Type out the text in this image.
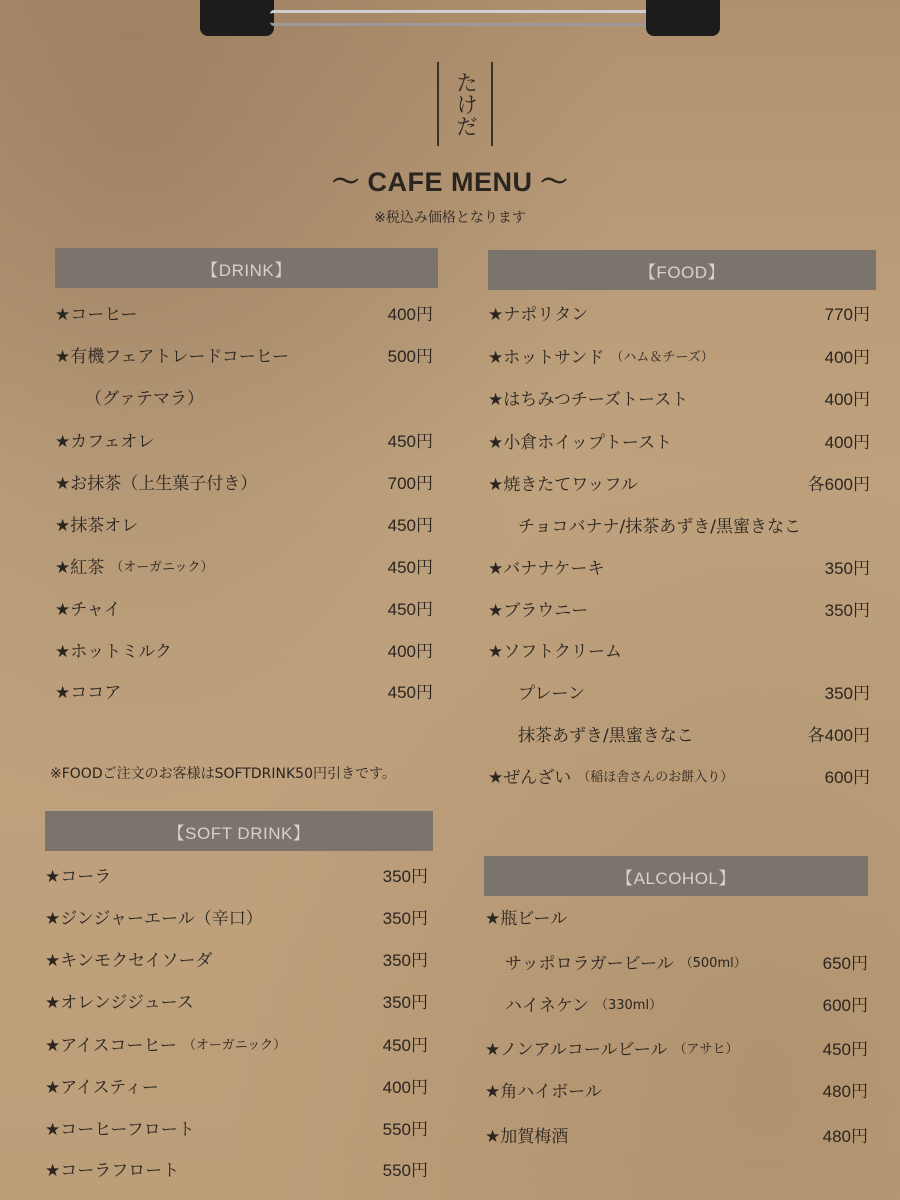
たけだ
～ CAFE MENU ～
※税込み価格となります
【DRINK】
★コーヒー	400円
★有機フェアトレードコーヒー	500円
（グァテマラ）
★カフェオレ	450円
★お抹茶（上生菓子付き）	700円
★抹茶オレ	450円
★紅茶 （オーガニック）	450円
★チャイ	450円
★ホットミルク	400円
★ココア	450円
※FOODご注文のお客様はSOFTDRINK50円引きです。
【SOFT DRINK】
★コーラ	350円
★ジンジャーエール（辛口）	350円
★キンモクセイソーダ	350円
★オレンジジュース	350円
★アイスコーヒー （オーガニック）	450円
★アイスティー	400円
★コーヒーフロート	550円
★コーラフロート	550円
【FOOD】
★ナポリタン	770円
★ホットサンド （ハム＆チーズ）	400円
★はちみつチーズトースト	400円
★小倉ホイップトースト	400円
★焼きたてワッフル	各600円
チョコバナナ/抹茶あずき/黒蜜きなこ
★バナナケーキ	350円
★ブラウニー	350円
★ソフトクリーム
プレーン	350円
抹茶あずき/黒蜜きなこ	各400円
★ぜんざい （稲ほ舎さんのお餅入り）	600円
【ALCOHOL】
★瓶ビール
サッポロラガービール （500ml）	650円
ハイネケン （330ml）	600円
★ノンアルコールビール （アサヒ）	450円
★角ハイボール	480円
★加賀梅酒	480円
